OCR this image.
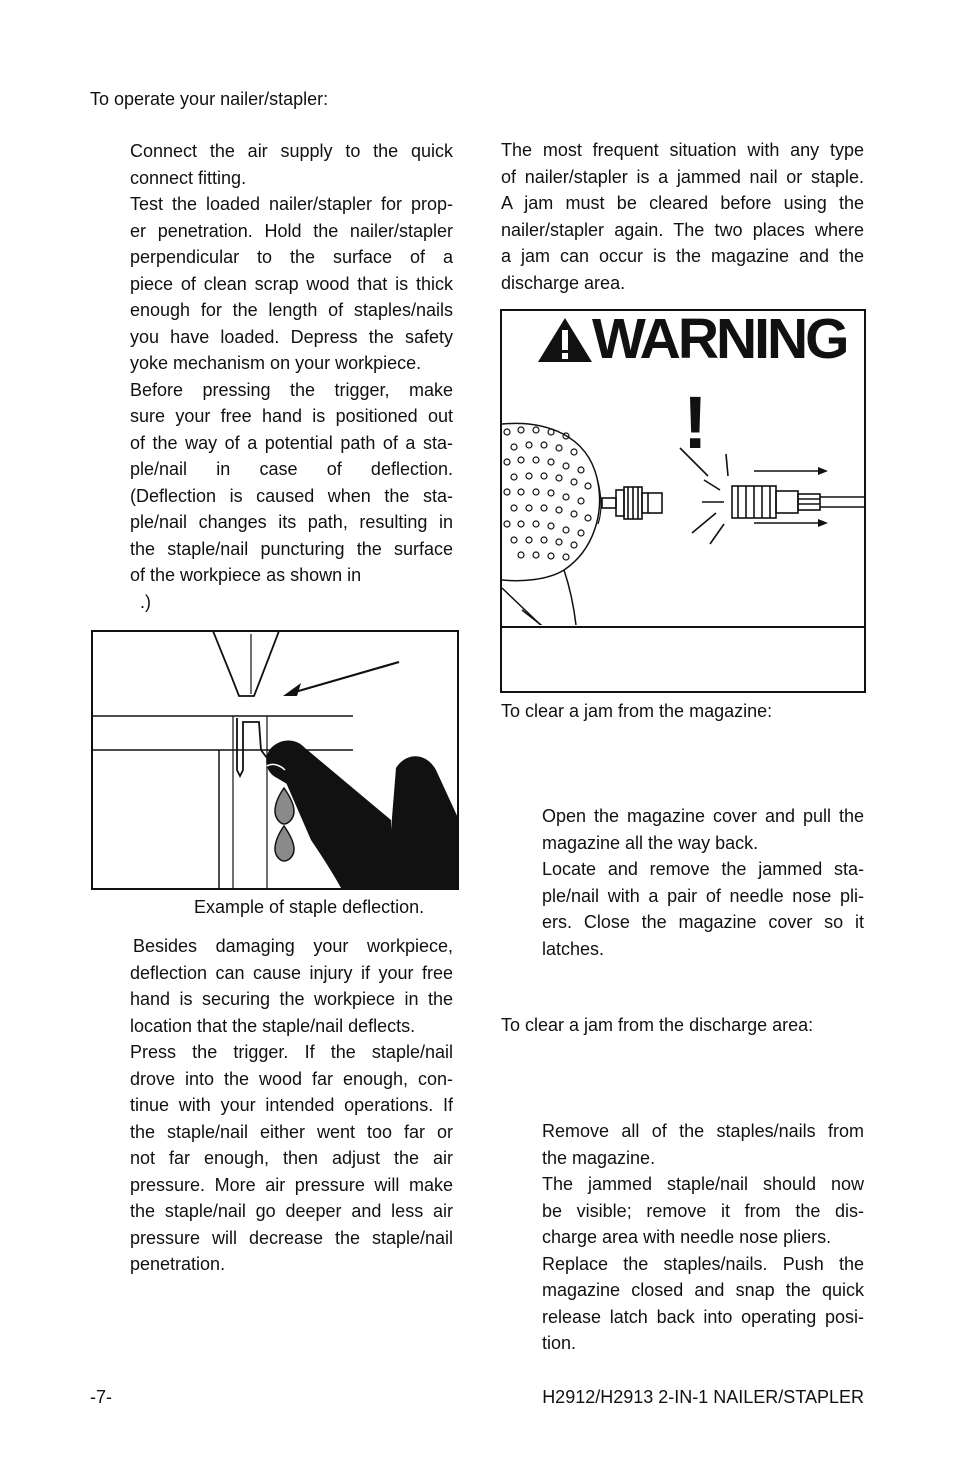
To operate your nailer/stapler:
Connect the air supply to the quick
connect fitting.
Test the loaded nailer/stapler for prop-
er penetration. Hold the nailer/stapler
perpendicular to the surface of a
piece of clean scrap wood that is thick
enough for the length of staples/nails
you have loaded. Depress the safety
yoke mechanism on your workpiece.
Before pressing the trigger, make
sure your free hand is positioned out
of the way of a potential path of a sta-
ple/nail in case of deflection.
(Deflection is caused when the sta-
ple/nail changes its path, resulting in
the staple/nail puncturing the surface
of the workpiece as shown in
.)
Example of staple deflection.
Besides damaging your workpiece,
deflection can cause injury if your free
hand is securing the workpiece in the
location that the staple/nail deflects.
Press the trigger. If the staple/nail
drove into the wood far enough, con-
tinue with your intended operations. If
the staple/nail either went too far or
not far enough, then adjust the air
pressure. More air pressure will make
the staple/nail go deeper and less air
pressure will decrease the staple/nail
penetration.
The most frequent situation with any type
of nailer/stapler is a jammed nail or staple.
A jam must be cleared before using the
nailer/stapler again. The two places where
a jam can occur is the magazine and the
discharge area.
WARNING
!
To clear a jam from the magazine:
Open the magazine cover and pull the
magazine all the way back.
Locate and remove the jammed sta-
ple/nail with a pair of needle nose pli-
ers. Close the magazine cover so it
latches.
To clear a jam from the discharge area:
Remove all of the staples/nails from
the magazine.
The jammed staple/nail should now
be visible; remove it from the dis-
charge area with needle nose pliers.
Replace the staples/nails. Push the
magazine closed and snap the quick
release latch back into operating posi-
tion.
-7-	H2912/H2913 2-IN-1 NAILER/STAPLER
